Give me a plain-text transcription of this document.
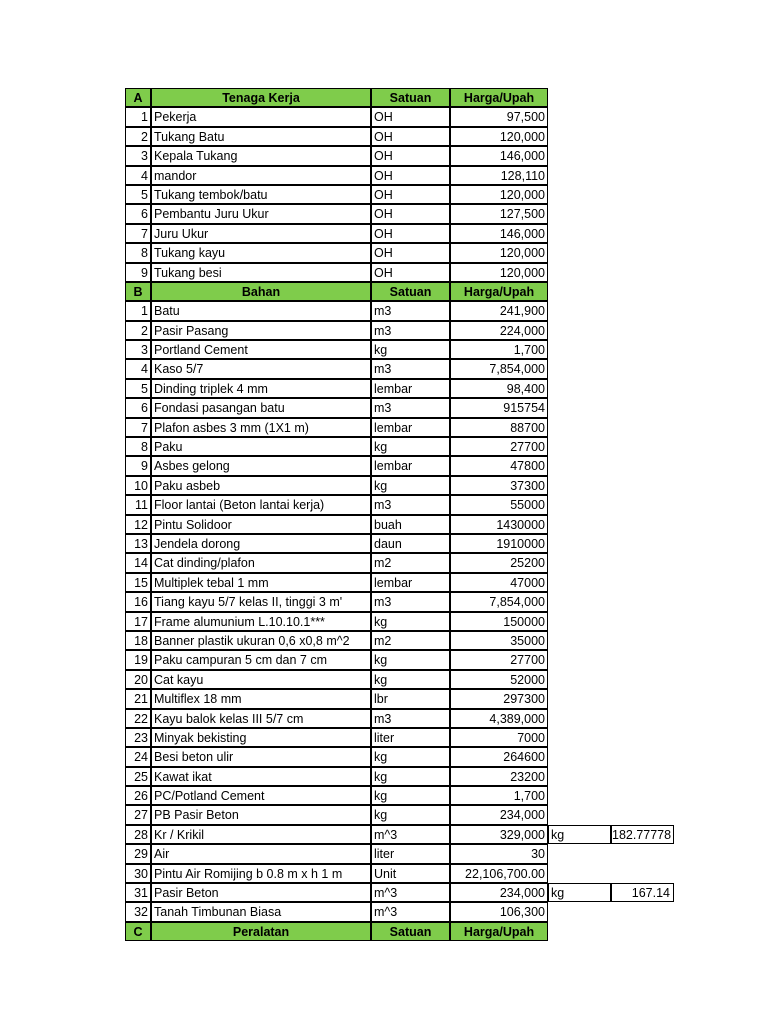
A	Tenaga Kerja	Satuan	Harga/Upah
1 Pekerja	OH	97,500
2 Tukang Batu	OH	120,000
3 Kepala Tukang	OH	146,000
4 mandor	OH	128,110
5 Tukang tembok/batu	OH	120,000
6 Pembantu Juru Ukur	OH	127,500
7 Juru Ukur	OH	146,000
8 Tukang kayu	OH	120,000
9 Tukang besi	OH	120,000
B	Bahan	Satuan	Harga/Upah
1 Batu	m3	241,900
2 Pasir Pasang	m3	224,000
3 Portland Cement	kg	1,700
4 Kaso 5/7	m3	7,854,000
5 Dinding triplek 4 mm	lembar	98,400
6 Fondasi pasangan batu	m3	915754
7 Plafon asbes 3 mm (1X1 m)	lembar	88700
8 Paku	kg	27700
9 Asbes gelong	lembar	47800
10 Paku asbeb	kg	37300
11 Floor lantai (Beton lantai kerja)	m3	55000
12 Pintu Solidoor	buah	1430000
13 Jendela dorong	daun	1910000
14 Cat dinding/plafon	m2	25200
15 Multiplek tebal 1 mm	lembar	47000
16 Tiang kayu 5/7 kelas II, tinggi 3 m'	m3	7,854,000
17 Frame alumunium L.10.10.1***	kg	150000
18 Banner plastik ukuran 0,6 x0,8 m^2	m2	35000
19 Paku campuran 5 cm dan 7 cm	kg	27700
20 Cat kayu	kg	52000
21 Multiflex 18 mm	lbr	297300
22 Kayu balok kelas III 5/7 cm	m3	4,389,000
23 Minyak bekisting	liter	7000
24 Besi beton ulir	kg	264600
25 Kawat ikat	kg	23200
26 PC/Potland Cement	kg	1,700
27 PB Pasir Beton	kg	234,000
28 Kr / Krikil	m^3	329,000 kg	182.77778
29 Air	liter	30
30 Pintu Air Romijing b 0.8 m x h 1 m	Unit	22,106,700.00
31 Pasir Beton	m^3	234,000 kg	167.14
32 Tanah Timbunan Biasa	m^3	106,300
C	Peralatan	Satuan	Harga/Upah
